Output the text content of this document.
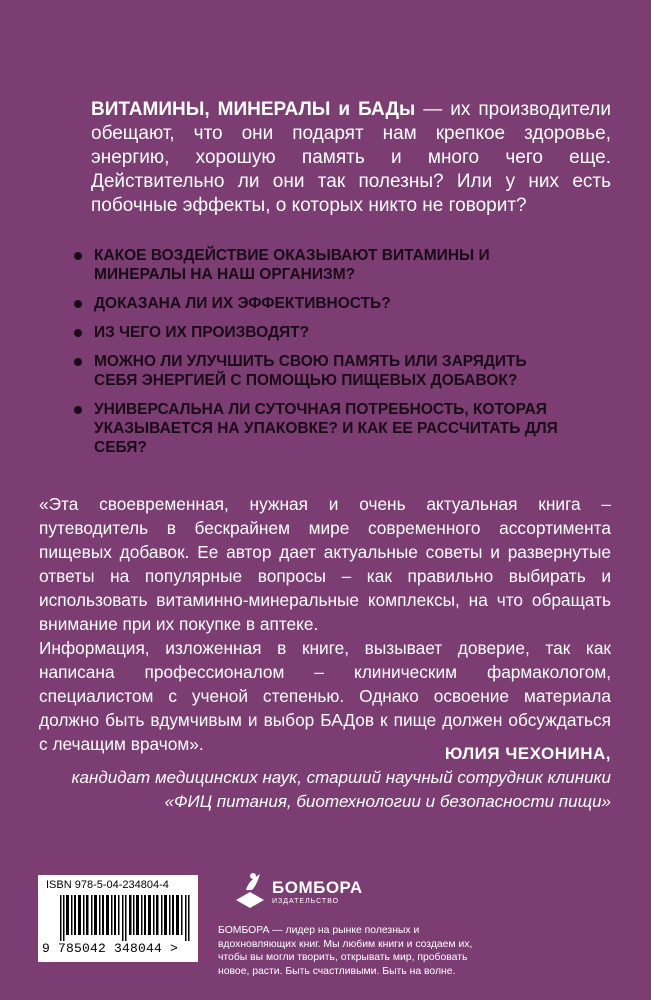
ВИТАМИНЫ, МИНЕРАЛЫ и БАДы — их производители обещают, что они подарят нам крепкое здоровье, энергию, хорошую память и много чего еще. Действительно ли они так полезны? Или у них есть побочные эффекты, о которых никто не говорит?
КАКОЕ ВОЗДЕЙСТВИЕ ОКАЗЫВАЮТ ВИТАМИНЫ И МИНЕРАЛЫ НА НАШ ОРГАНИЗМ?
ДОКАЗАНА ЛИ ИХ ЭФФЕКТИВНОСТЬ?
ИЗ ЧЕГО ИХ ПРОИЗВОДЯТ?
МОЖНО ЛИ УЛУЧШИТЬ СВОЮ ПАМЯТЬ ИЛИ ЗАРЯДИТЬ СЕБЯ ЭНЕРГИЕЙ С ПОМОЩЬЮ ПИЩЕВЫХ ДОБАВОК?
УНИВЕРСАЛЬНА ЛИ СУТОЧНАЯ ПОТРЕБНОСТЬ, КОТОРАЯ УКАЗЫВАЕТСЯ НА УПАКОВКЕ? И КАК ЕЕ РАССЧИТАТЬ ДЛЯ СЕБЯ?

«Эта своевременная, нужная и очень актуальная книга – путеводитель в бескрайнем мире современного ассортимента пищевых добавок. Ее автор дает актуальные советы и развернутые ответы на популярные вопросы – как правильно выбирать и использовать витаминно-минеральные комплексы, на что обращать внимание при их покупке в аптеке.

Информация, изложенная в книге, вызывает доверие, так как написана профессионалом – клиническим фармакологом, специалистом с ученой степенью. Однако освоение материала должно быть вдумчивым и выбор БАДов к пище должен обсуждаться с лечащим врачом».	ЮЛИЯ ЧЕХОНИНА,
кандидат медицинских наук, старший научный сотрудник клиники
«ФИЦ питания, биотехнологии и безопасности пищи»
ISBN 978-5-04-234804-4
9 785042 348044 >
БОМБОРА
ИЗДАТЕЛЬСТВО
БОМБОРА — лидер на рынке полезных и вдохновляющих книг. Мы любим книги и создаем их, чтобы вы могли творить, открывать мир, пробовать новое, расти. Быть счастливыми. Быть на волне.
